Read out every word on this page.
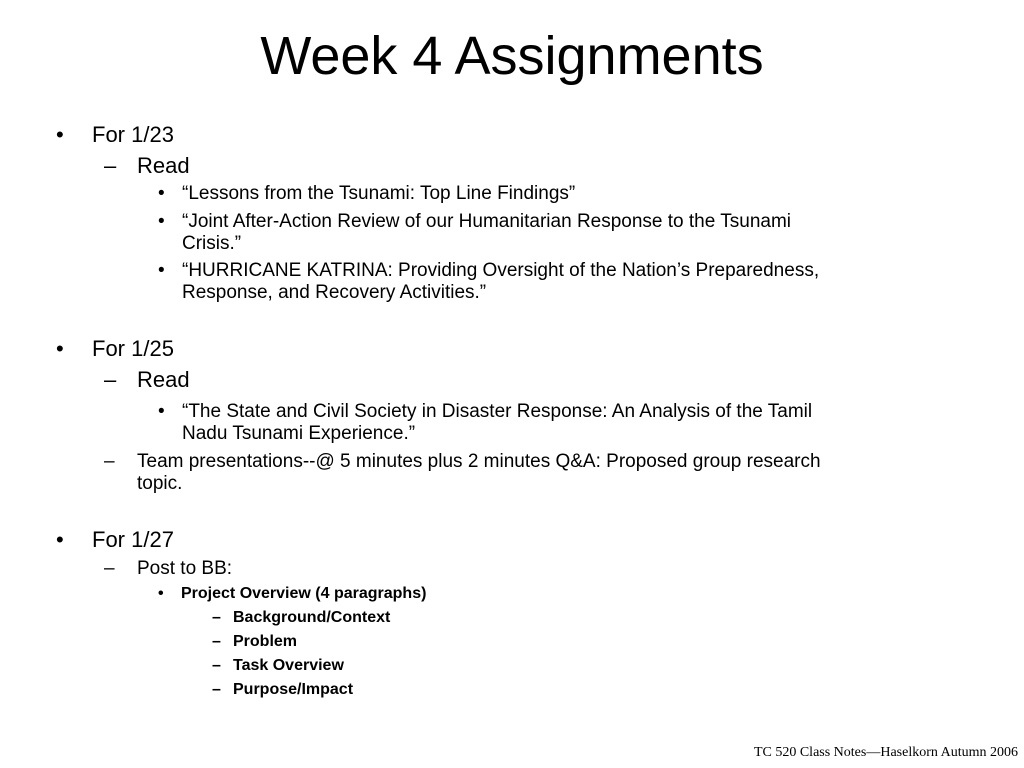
Week 4 Assignments
• For 1/23
– Read
• “Lessons from the Tsunami: Top Line Findings”
• “Joint After-Action Review of our Humanitarian Response to the Tsunami
Crisis.”
• “HURRICANE KATRINA: Providing Oversight of the Nation’s Preparedness,
Response, and Recovery Activities.”
• For 1/25
– Read
• “The State and Civil Society in Disaster Response: An Analysis of the Tamil
Nadu Tsunami Experience.”
– Team presentations--@ 5 minutes plus 2 minutes Q&A: Proposed group research
topic.
• For 1/27
– Post to BB:
• Project Overview (4 paragraphs)
– Background/Context
– Problem
– Task Overview
– Purpose/Impact
TC 520 Class Notes—Haselkorn Autumn 2006
